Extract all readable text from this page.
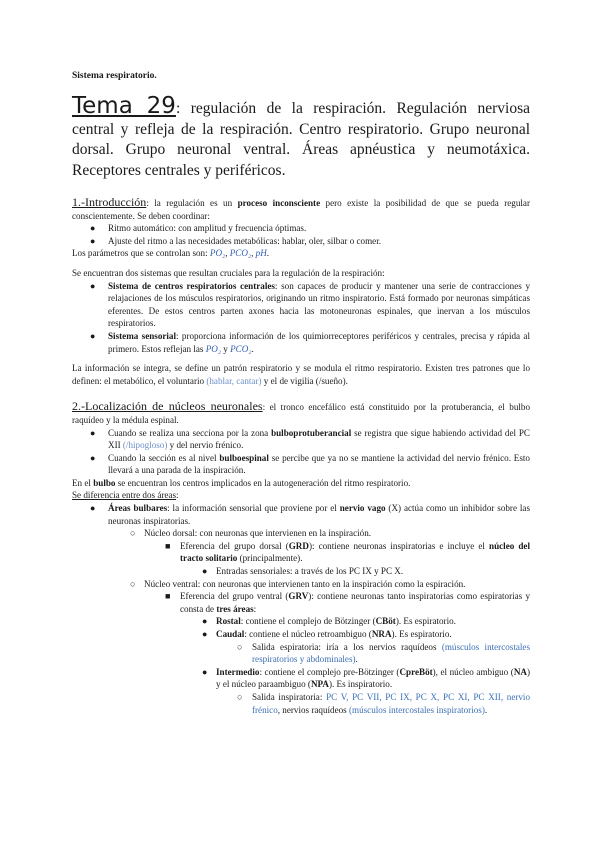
Sistema respiratorio.
Tema 29: regulación de la respiración. Regulación nerviosa central y refleja de la respiración. Centro respiratorio. Grupo neuronal dorsal. Grupo neuronal ventral. Áreas apnéustica y neumotáxica. Receptores centrales y periféricos.

1.-Introducción: la regulación es un proceso inconsciente pero existe la posibilidad de que se pueda regular conscientemente. Se deben coordinar:

● Ritmo automático: con amplitud y frecuencia óptimas.
● Ajuste del ritmo a las necesidades metabólicas: hablar, oler, silbar o comer.

Los parámetros que se controlan son: PO₂, PCO₂, pH.

Se encuentran dos sistemas que resultan cruciales para la regulación de la respiración:

● Sistema de centros respiratorios centrales: son capaces de producir y mantener una serie de contracciones y relajaciones de los músculos respiratorios, originando un ritmo inspiratorio. Está formado por neuronas simpáticas eferentes. De estos centros parten axones hacia las motoneuronas espinales, que inervan a los músculos respiratorios.
● Sistema sensorial: proporciona información de los quimiorreceptores periféricos y centrales, precisa y rápida al primero. Estos reflejan las PO₂ y PCO₂.

La información se integra, se define un patrón respiratorio y se modula el ritmo respiratorio. Existen tres patrones que lo definen: el metabólico, el voluntario (hablar, cantar) y el de vigilia (/sueño).

2.-Localización de núcleos neuronales: el tronco encefálico está constituido por la protuberancia, el bulbo raquídeo y la médula espinal.

● Cuando se realiza una secciona por la zona bulboprotuberancial se registra que sigue habiendo actividad del PC XII (/hipogloso) y del nervio frénico.
● Cuando la sección es al nivel bulboespinal se percibe que ya no se mantiene la actividad del nervio frénico. Esto llevará a una parada de la inspiración.

En el bulbo se encuentran los centros implicados en la autogeneración del ritmo respiratorio.

Se diferencia entre dos áreas:

● Áreas bulbares: la información sensorial que proviene por el nervio vago (X) actúa como un inhibidor sobre las neuronas inspiratorias.
○ Núcleo dorsal: con neuronas que intervienen en la inspiración.
■ Eferencia del grupo dorsal (GRD): contiene neuronas inspiratorias e incluye el núcleo del tracto solitario (principalmente).
● Entradas sensoriales: a través de los PC IX y PC X.
○ Núcleo ventral: con neuronas que intervienen tanto en la inspiración como la espiración.
■ Eferencia del grupo ventral (GRV): contiene neuronas tanto inspiratorias como espiratorias y consta de tres áreas:
● Rostal: contiene el complejo de Bötzinger (CBöt). Es espiratorio.
● Caudal: contiene el núcleo retroambiguo (NRA). Es espiratorio.
○ Salida espiratoria: iría a los nervios raquídeos (músculos intercostales respiratorios y abdominales).
● Intermedio: contiene el complejo pre-Bötzinger (CpreBöt), el núcleo ambiguo (NA) y el núcleo paraambiguo (NPA). Es inspiratorio.
○ Salida inspiratoria: PC V, PC VII, PC IX, PC X, PC XI, PC XII, nervio frénico, nervios raquídeos (músculos intercostales inspiratorios).
